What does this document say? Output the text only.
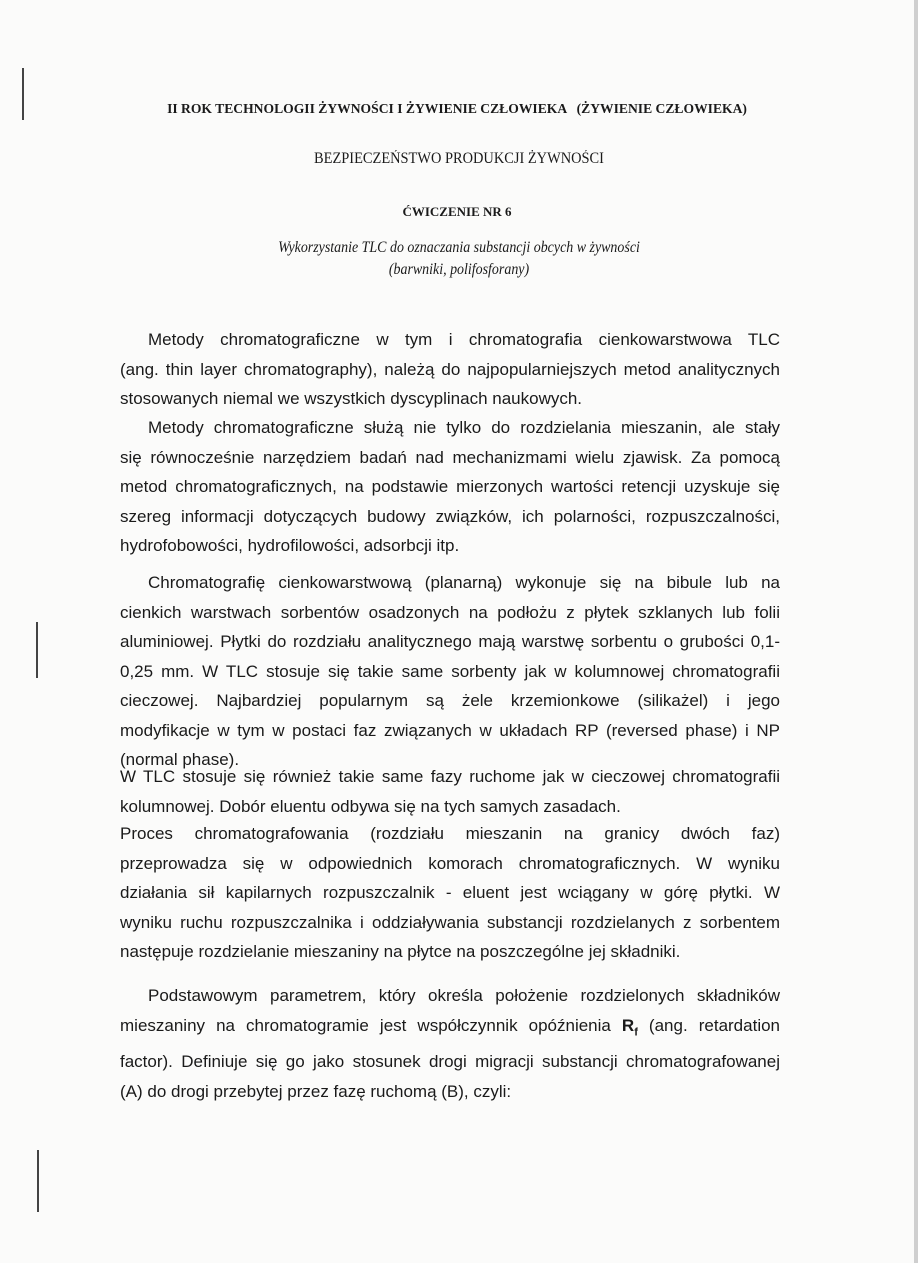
II ROK TECHNOLOGII ŻYWNOŚCI I ŻYWIENIE CZŁOWIEKA   (ŻYWIENIE CZŁOWIEKA)
BEZPIECZEŃSTWO PRODUKCJI ŻYWNOŚCI
ĆWICZENIE NR 6
Wykorzystanie TLC do oznaczania substancji obcych w żywności
(barwniki, polifosforany)
Metody chromatograficzne w tym i chromatografia cienkowarstwowa TLC
(ang. thin layer chromatography), należą do najpopularniejszych metod analitycznych
stosowanych niemal we wszystkich dyscyplinach naukowych.
Metody chromatograficzne służą nie tylko do rozdzielania mieszanin, ale stały
się równocześnie narzędziem badań nad mechanizmami wielu zjawisk. Za pomocą
metod chromatograficznych, na podstawie mierzonych wartości retencji uzyskuje się
szereg informacji dotyczących budowy związków, ich polarności, rozpuszczalności,
hydrofobowości, hydrofilowości, adsorbcji itp.
Chromatografię cienkowarstwową (planarną) wykonuje się na bibule lub na
cienkich warstwach sorbentów osadzonych na podłożu z płytek szklanych lub folii
aluminiowej. Płytki do rozdziału analitycznego mają warstwę sorbentu o grubości 0,1-
0,25 mm. W TLC stosuje się takie same sorbenty jak w kolumnowej chromatografii
cieczowej. Najbardziej popularnym są żele krzemionkowe (silikażel) i jego
modyfikacje w tym w postaci faz związanych w układach RP (reversed phase) i NP
(normal phase).
W TLC stosuje się również takie same fazy ruchome jak w cieczowej chromatografii
kolumnowej. Dobór eluentu odbywa się na tych samych zasadach.
Proces chromatografowania (rozdziału mieszanin na granicy dwóch faz)
przeprowadza się w odpowiednich komorach chromatograficznych. W wyniku
działania sił kapilarnych rozpuszczalnik - eluent jest wciągany w górę płytki. W
wyniku ruchu rozpuszczalnika i oddziaływania substancji rozdzielanych z sorbentem
następuje rozdzielanie mieszaniny na płytce na poszczególne jej składniki.
Podstawowym parametrem, który określa położenie rozdzielonych składników
mieszaniny na chromatogramie jest współczynnik opóźnienia $R_f$ (ang. retardation
factor). Definiuje się go jako stosunek drogi migracji substancji chromatografowanej
(A) do drogi przebytej przez fazę ruchomą (B), czyli:
